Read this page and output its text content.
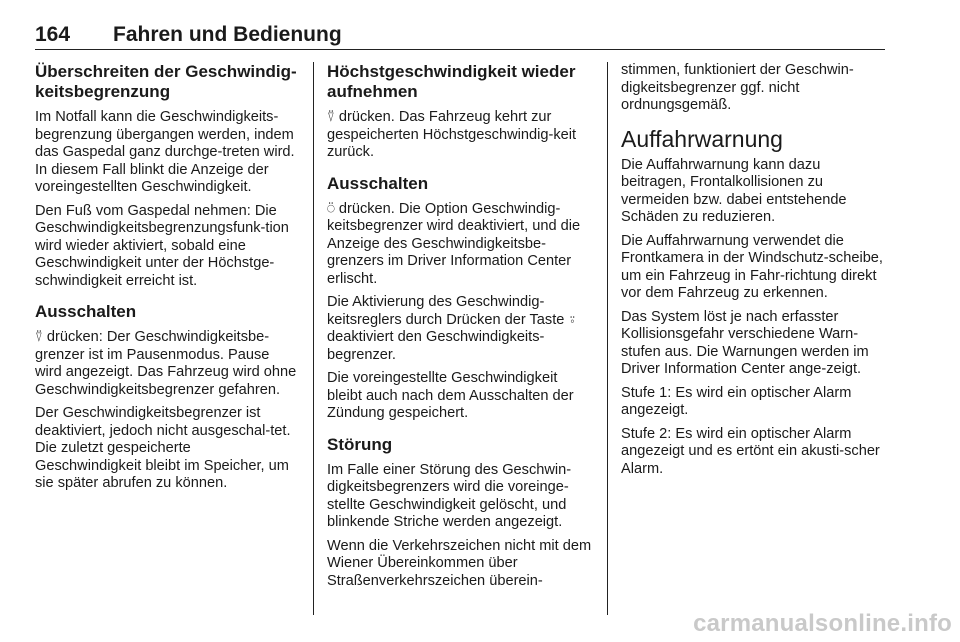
164	Fahren und Bedienung
Überschreiten der Geschwindig-
keitsbegrenzung

Im Notfall kann die Geschwindigkeits-begrenzung übergangen werden, indem das Gaspedal ganz durchge-treten wird. In diesem Fall blinkt die Anzeige der voreingestellten Geschwindigkeit.

Den Fuß vom Gaspedal nehmen: Die Geschwindigkeitsbegrenzungsfunk-tion wird wieder aktiviert, sobald eine Geschwindigkeit unter der Höchstge-schwindigkeit erreicht ist.

Ausschalten

⍢ drücken: Der Geschwindigkeitsbe-grenzer ist im Pausenmodus. Pause wird angezeigt. Das Fahrzeug wird ohne Geschwindigkeitsbegrenzer gefahren.

Der Geschwindigkeitsbegrenzer ist deaktiviert, jedoch nicht ausgeschal-tet. Die zuletzt gespeicherte Geschwindigkeit bleibt im Speicher, um sie später abrufen zu können.

Höchstgeschwindigkeit wieder aufnehmen

⍢ drücken. Das Fahrzeug kehrt zur gespeicherten Höchstgeschwindig-keit zurück.

Ausschalten

⍥ drücken. Die Option Geschwindig-keitsbegrenzer wird deaktiviert, und die Anzeige des Geschwindigkeitsbe-grenzers im Driver Information Center erlischt.

Die Aktivierung des Geschwindig-keitsreglers durch Drücken der Taste ⍤ deaktiviert den Geschwindigkeits-begrenzer.

Die voreingestellte Geschwindigkeit bleibt auch nach dem Ausschalten der Zündung gespeichert.

Störung

Im Falle einer Störung des Geschwin-digkeitsbegrenzers wird die voreinge-stellte Geschwindigkeit gelöscht, und blinkende Striche werden angezeigt.

Wenn die Verkehrszeichen nicht mit dem Wiener Übereinkommen über Straßenverkehrszeichen überein-

stimmen, funktioniert der Geschwin-digkeitsbegrenzer ggf. nicht ordnungsgemäß.

Auffahrwarnung

Die Auffahrwarnung kann dazu beitragen, Frontalkollisionen zu vermeiden bzw. dabei entstehende Schäden zu reduzieren.

Die Auffahrwarnung verwendet die Frontkamera in der Windschutz-scheibe, um ein Fahrzeug in Fahr-richtung direkt vor dem Fahrzeug zu erkennen.

Das System löst je nach erfasster Kollisionsgefahr verschiedene Warn-stufen aus. Die Warnungen werden im Driver Information Center ange-zeigt.

Stufe 1: Es wird ein optischer Alarm angezeigt.

Stufe 2: Es wird ein optischer Alarm angezeigt und es ertönt ein akusti-scher Alarm.

carmanualsonline.info
